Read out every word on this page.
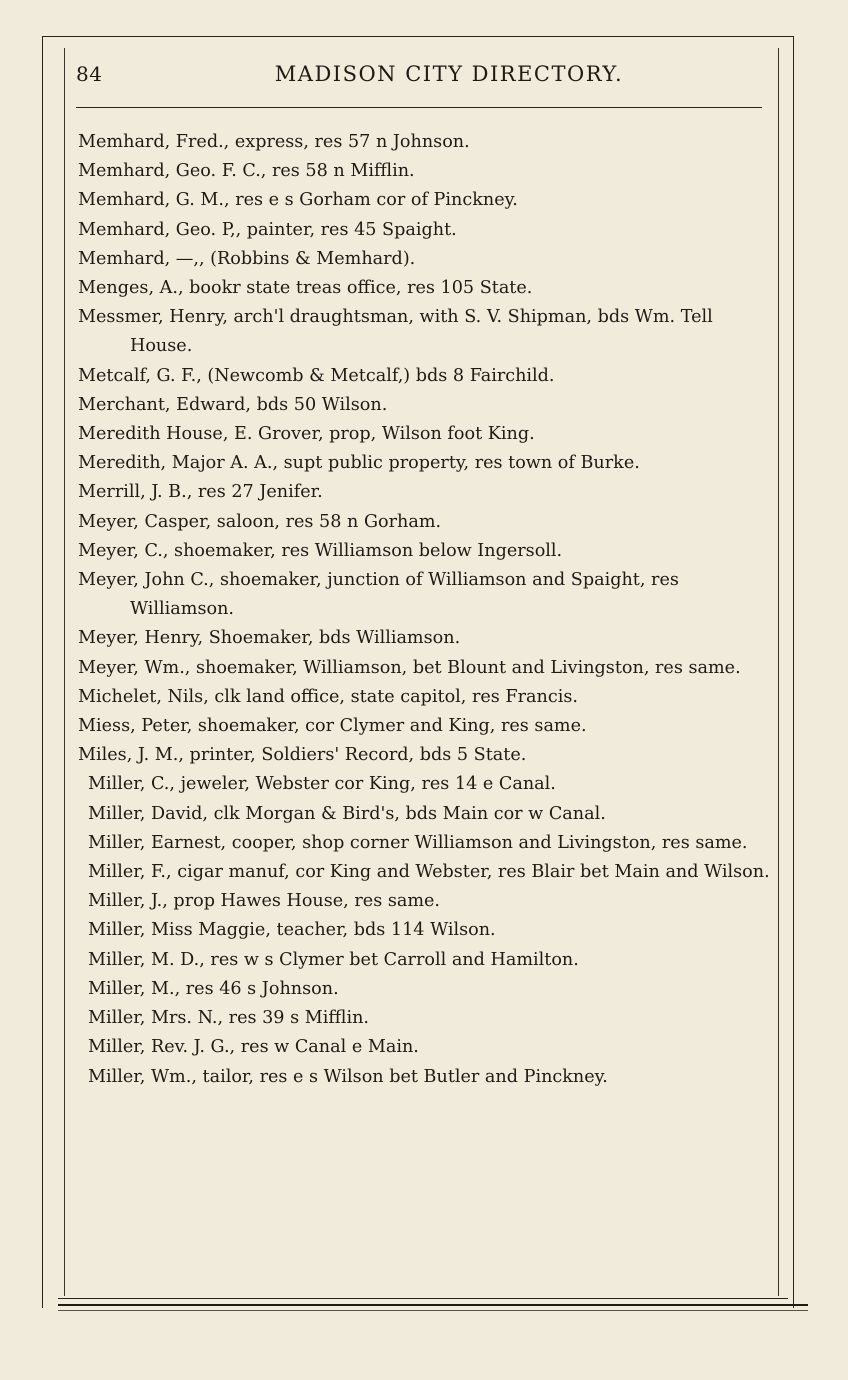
84	MADISON CITY DIRECTORY.
Memhard, Fred., express, res 57 n Johnson.
Memhard, Geo. F. C., res 58 n Mifflin.
Memhard, G. M., res e s Gorham cor of Pinckney.
Memhard, Geo. P,, painter, res 45 Spaight.
Memhard, —,, (Robbins & Memhard).
Menges, A., bookr state treas office, res 105 State.
Messmer, Henry, arch'l draughtsman, with S. V. Shipman, bds Wm. Tell House.
Metcalf, G. F., (Newcomb & Metcalf,) bds 8 Fairchild.
Merchant, Edward, bds 50 Wilson.
Meredith House, E. Grover, prop, Wilson foot King.
Meredith, Major A. A., supt public property, res town of Burke.
Merrill, J. B., res 27 Jenifer.
Meyer, Casper, saloon, res 58 n Gorham.
Meyer, C., shoemaker, res Williamson below Ingersoll.
Meyer, John C., shoemaker, junction of Williamson and Spaight, res Williamson.
Meyer, Henry, Shoemaker, bds Williamson.
Meyer, Wm., shoemaker, Williamson, bet Blount and Livingston, res same.
Michelet, Nils, clk land office, state capitol, res Francis.
Miess, Peter, shoemaker, cor Clymer and King, res same.
Miles, J. M., printer, Soldiers' Record, bds 5 State.
Miller, C., jeweler, Webster cor King, res 14 e Canal.
Miller, David, clk Morgan & Bird's, bds Main cor w Canal.
Miller, Earnest, cooper, shop corner Williamson and Livingston, res same.
Miller, F., cigar manuf, cor King and Webster, res Blair bet Main and Wilson.
Miller, J., prop Hawes House, res same.
Miller, Miss Maggie, teacher, bds 114 Wilson.
Miller, M. D., res w s Clymer bet Carroll and Hamilton.
Miller, M., res 46 s Johnson.
Miller, Mrs. N., res 39 s Mifflin.
Miller, Rev. J. G., res w Canal e Main.
Miller, Wm., tailor, res e s Wilson bet Butler and Pinckney.
